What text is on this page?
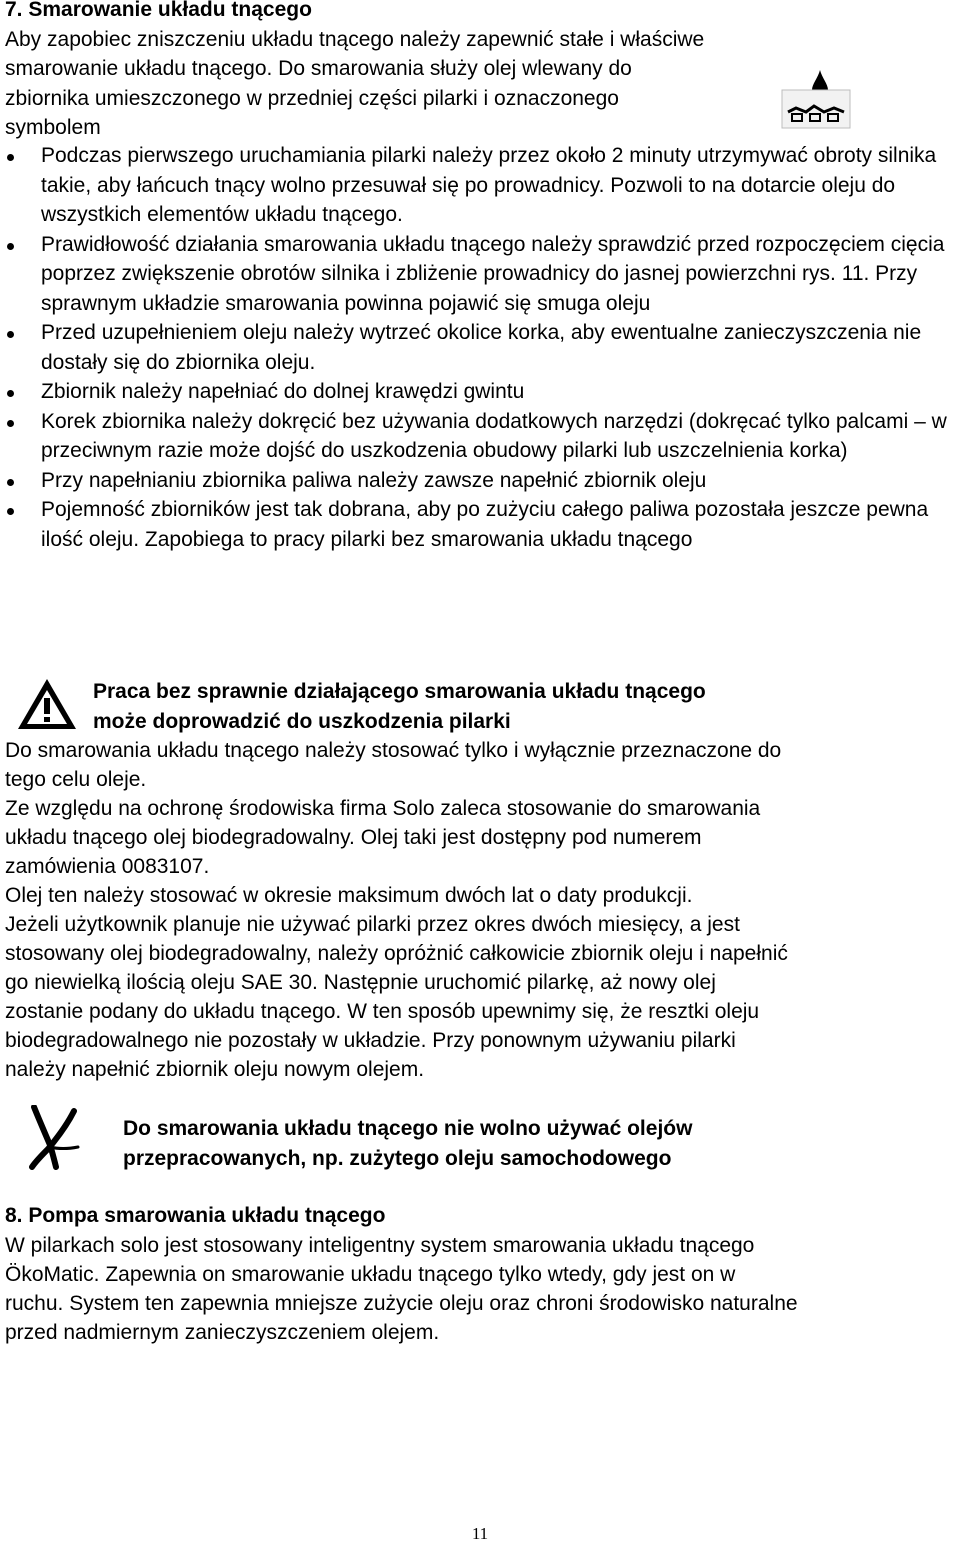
7. Smarowanie układu tnącego

Aby zapobiec zniszczeniu układu tnącego należy zapewnić stałe i właściwe

smarowanie układu tnącego. Do smarowania służy olej wlewany do

zbiornika umieszczonego w przedniej części pilarki i oznaczonego

symbolem

Podczas pierwszego uruchamiania pilarki należy przez około 2 minuty utrzymywać obroty silnika takie, aby łańcuch tnący wolno przesuwał się po prowadnicy. Pozwoli to na dotarcie oleju do wszystkich elementów układu tnącego.
Prawidłowość działania smarowania układu tnącego należy sprawdzić przed rozpoczęciem cięcia poprzez zwiększenie obrotów silnika i zbliżenie prowadnicy do jasnej powierzchni rys. 11. Przy sprawnym układzie smarowania powinna pojawić się smuga oleju
Przed uzupełnieniem oleju należy wytrzeć okolice korka, aby ewentualne zanieczyszczenia nie dostały się do zbiornika oleju.
Zbiornik należy napełniać do dolnej krawędzi gwintu
Korek zbiornika należy dokręcić bez używania dodatkowych narzędzi (dokręcać tylko palcami – w przeciwnym razie może dojść do uszkodzenia obudowy pilarki lub uszczelnienia korka)
Przy napełnianiu zbiornika paliwa należy zawsze napełnić zbiornik oleju
Pojemność zbiorników jest tak dobrana, aby po zużyciu całego paliwa pozostała jeszcze pewna ilość oleju. Zapobiega to pracy pilarki bez smarowania układu tnącego

Praca bez sprawnie działającego smarowania układu tnącego
może doprowadzić do uszkodzenia pilarki

Do smarowania układu tnącego należy stosować tylko i wyłącznie przeznaczone do

tego celu oleje.

Ze względu na ochronę środowiska firma Solo zaleca stosowanie do smarowania

układu tnącego olej biodegradowalny. Olej taki jest dostępny pod numerem

zamówienia 0083107.

Olej ten należy stosować w okresie maksimum dwóch lat o daty produkcji.

Jeżeli użytkownik planuje nie używać pilarki przez okres dwóch miesięcy, a jest

stosowany olej biodegradowalny, należy opróżnić całkowicie zbiornik oleju i napełnić

go niewielką ilością oleju SAE 30. Następnie uruchomić pilarkę, aż nowy olej

zostanie podany do układu tnącego. W ten sposób upewnimy się, że resztki oleju

biodegradowalnego nie pozostały w układzie. Przy ponownym używaniu pilarki

należy napełnić zbiornik oleju nowym olejem.

Do smarowania układu tnącego nie wolno używać olejów
przepracowanych, np. zużytego oleju samochodowego

8. Pompa smarowania układu tnącego

W pilarkach solo jest stosowany inteligentny system smarowania układu tnącego

ÖkoMatic. Zapewnia on smarowanie układu tnącego tylko wtedy, gdy jest on w

ruchu. System ten zapewnia mniejsze zużycie oleju oraz chroni środowisko naturalne

przed nadmiernym zanieczyszczeniem olejem.

11
